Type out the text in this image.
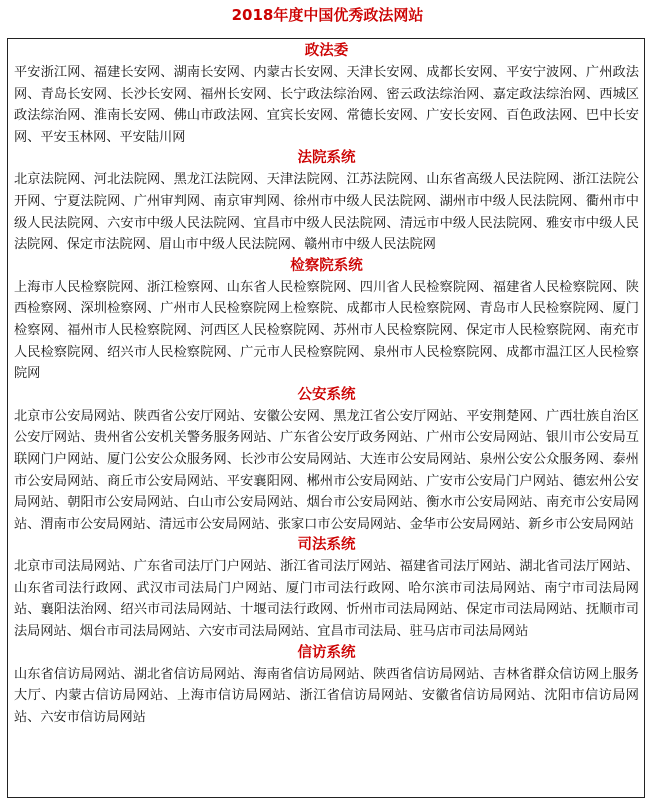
2018年度中国优秀政法网站
政法委
平安浙江网、福建长安网、湖南长安网、内蒙古长安网、天津长安网、成都长安网、平安宁波网、广州政法网、青岛长安网、长沙长安网、福州长安网、长宁政法综治网、密云政法综治网、嘉定政法综治网、西城区政法综治网、淮南长安网、佛山市政法网、宜宾长安网、常德长安网、广安长安网、百色政法网、巴中长安网、平安玉林网、平安陆川网
法院系统
北京法院网、河北法院网、黑龙江法院网、天津法院网、江苏法院网、山东省高级人民法院网、浙江法院公开网、宁夏法院网、广州审判网、南京审判网、徐州市中级人民法院网、湖州市中级人民法院网、衢州市中级人民法院网、六安市中级人民法院网、宜昌市中级人民法院网、清远市中级人民法院网、雅安市中级人民法院网、保定市法院网、眉山市中级人民法院网、赣州市中级人民法院网
检察院系统
上海市人民检察院网、浙江检察网、山东省人民检察院网、四川省人民检察院网、福建省人民检察院网、陕西检察网、深圳检察网、广州市人民检察院网上检察院、成都市人民检察院网、青岛市人民检察院网、厦门检察网、福州市人民检察院网、河西区人民检察院网、苏州市人民检察院网、保定市人民检察院网、南充市人民检察院网、绍兴市人民检察院网、广元市人民检察院网、泉州市人民检察院网、成都市温江区人民检察院网
公安系统
北京市公安局网站、陕西省公安厅网站、安徽公安网、黑龙江省公安厅网站、平安荆楚网、广西壮族自治区公安厅网站、贵州省公安机关警务服务网站、广东省公安厅政务网站、广州市公安局网站、银川市公安局互联网门户网站、厦门公安公众服务网、长沙市公安局网站、大连市公安局网站、泉州公安公众服务网、泰州市公安局网站、商丘市公安局网站、平安襄阳网、郴州市公安局网站、广安市公安局门户网站、德宏州公安局网站、朝阳市公安局网站、白山市公安局网站、烟台市公安局网站、衡水市公安局网站、南充市公安局网站、渭南市公安局网站、清远市公安局网站、张家口市公安局网站、金华市公安局网站、新乡市公安局网站
司法系统
北京市司法局网站、广东省司法厅门户网站、浙江省司法厅网站、福建省司法厅网站、湖北省司法厅网站、山东省司法行政网、武汉市司法局门户网站、厦门市司法行政网、哈尔滨市司法局网站、南宁市司法局网站、襄阳法治网、绍兴市司法局网站、十堰司法行政网、忻州市司法局网站、保定市司法局网站、抚顺市司法局网站、烟台市司法局网站、六安市司法局网站、宜昌市司法局、驻马店市司法局网站
信访系统
山东省信访局网站、湖北省信访局网站、海南省信访局网站、陕西省信访局网站、吉林省群众信访网上服务大厅、内蒙古信访局网站、上海市信访局网站、浙江省信访局网站、安徽省信访局网站、沈阳市信访局网站、六安市信访局网站
